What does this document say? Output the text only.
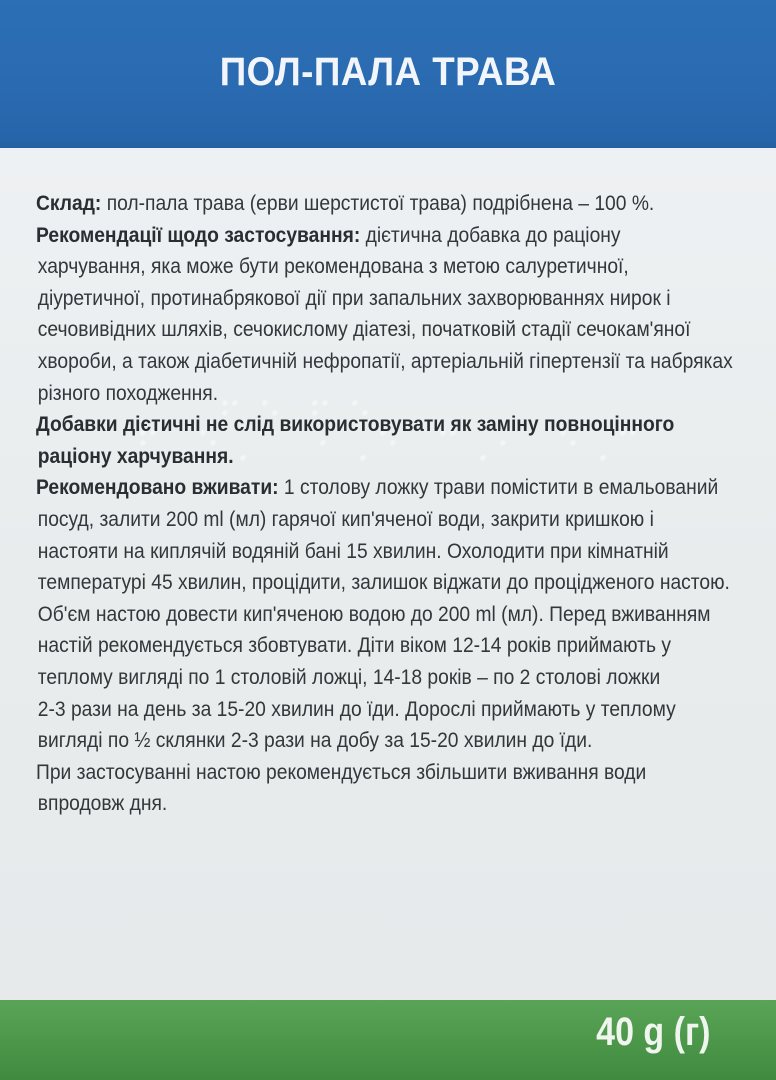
ПОЛ-ПАЛА ТРАВА
Склад: пол-пала трава (ерви шерстистої трава) подрібнена – 100 %.
Рекомендації щодо застосування: дієтична добавка до раціону
харчування, яка може бути рекомендована з метою салуретичної,
діуретичної, протинабрякової дії при запальних захворюваннях нирок і
сечовивідних шляхів, сечокислому діатезі, початковій стадії сечокам'яної
хвороби, а також діабетичній нефропатії, артеріальній гіпертензії та набряках
різного походження.
Добавки дієтичні не слід використовувати як заміну повноцінного
раціону харчування.
Рекомендовано вживати: 1 столову ложку трави помістити в емальований
посуд, залити 200 ml (мл) гарячої кип'яченої води, закрити кришкою і
настояти на киплячій водяній бані 15 хвилин. Охолодити при кімнатній
температурі 45 хвилин, процідити, залишок віджати до процідженого настою.
Об'єм настою довести кип'яченою водою до 200 ml (мл). Перед вживанням
настій рекомендується збовтувати. Діти віком 12-14 років приймають у
теплому вигляді по 1 столовій ложці, 14-18 років – по 2 столові ложки
2-3 рази на день за 15-20 хвилин до їди. Дорослі приймають у теплому
вигляді по ½ склянки 2-3 рази на добу за 15-20 хвилин до їди.
При застосуванні настою рекомендується збільшити вживання води
впродовж дня.
40 g (г)
